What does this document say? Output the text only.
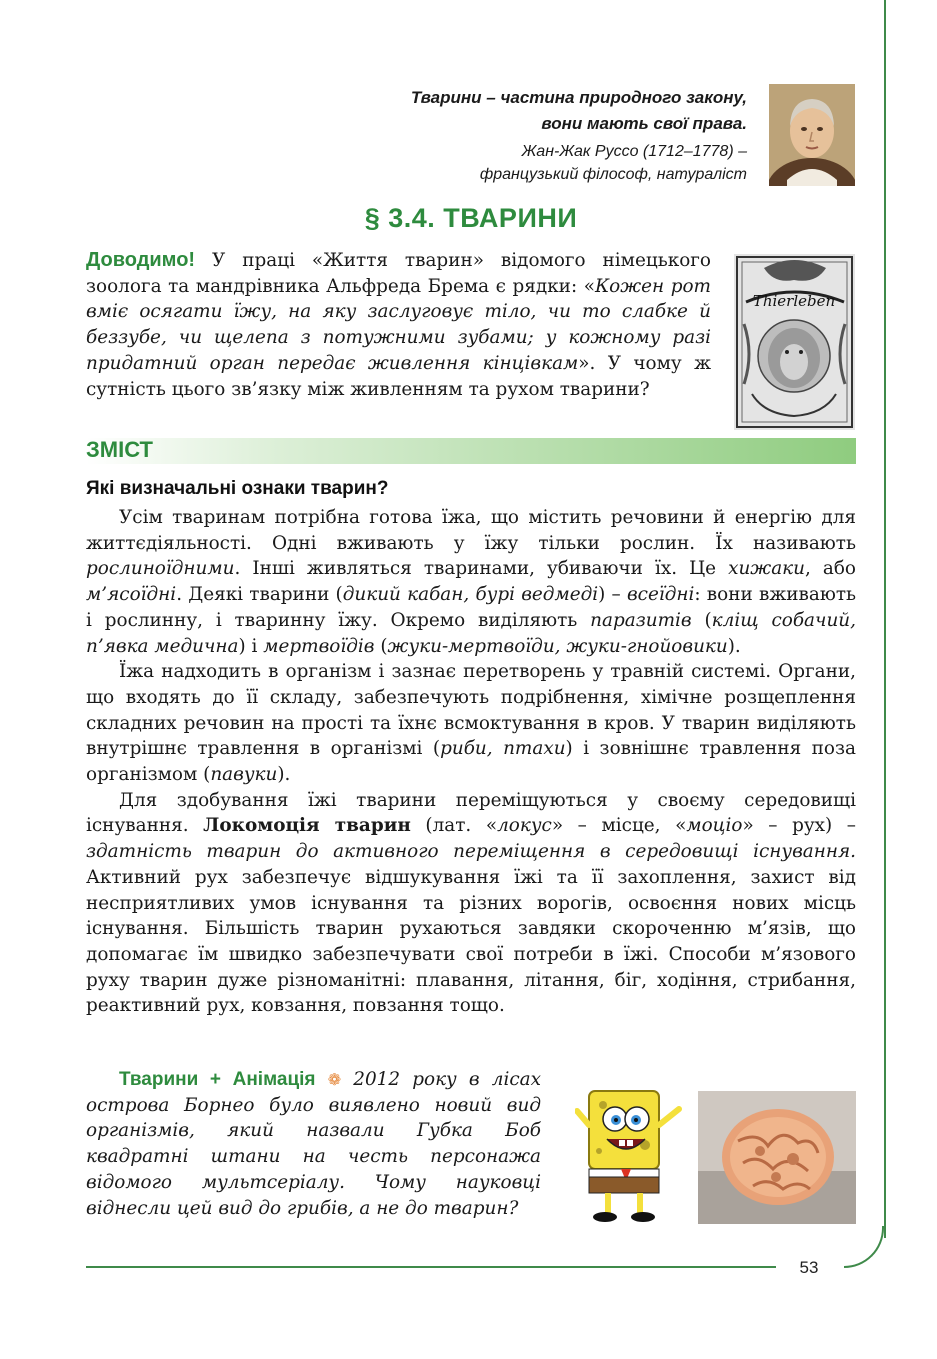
53
Тварини – частина природного закону,
вони мають свої права.
Жан-Жак Руссо (1712–1778) –
французький філософ, натураліст
§ 3.4. ТВАРИНИ
Доводимо! У праці «Життя тварин» відомого німецького зоолога та мандрівника Альфреда Брема є рядки: «Кожен рот вміє осягати їжу, на яку заслуговує тіло, чи то слабке й беззубе, чи щелепа з потужними зубами; у кожному разі придатний орган передає живлення кінцівкам». У чому ж сутність цього зв’язку між живленням та рухом тварини?
Thierleben
ЗМІСТ
Які визначальні ознаки тварин?

Усім тваринам потрібна готова їжа, що містить речовини й енергію для життєдіяльності. Одні вживають у їжу тільки рослин. Їх називають рослиноїдними. Інші живляться тваринами, убиваючи їх. Це хижаки, або м’ясоїдні. Деякі тварини (дикий кабан, бурі ведмеді) – всеїдні: вони вживають і рослинну, і тваринну їжу. Окремо виділяють паразитів (кліщ собачий, п’явка медична) і мертвоїдів (жуки-мертвоїди, жуки-гнойовики).

Їжа надходить в організм і зазнає перетворень у травній системі. Органи, що входять до її складу, забезпечують подрібнення, хімічне розщеплення складних речовин на прості та їхнє всмоктування в кров. У тварин виділяють внутрішнє травлення в організмі (риби, птахи) і зовнішнє травлення поза організмом (павуки).

Для здобування їжі тварини переміщуються у своєму середовищі існування. Локомоція тварин (лат. «локус» – місце, «моціо» – рух) – здатність тварин до активного переміщення в середовищі існування. Активний рух забезпечує відшукування їжі та її захоплення, захист від несприятливих умов існування та різних ворогів, освоєння нових місць існування. Більшість тварин рухаються завдяки скороченню м’язів, що допомагає їм швидко забезпечувати свої потреби в їжі. Способи м’язового руху тварин дуже різноманітні: плавання, літання, біг, ходіння, стрибання, реактивний рух, ковзання, повзання тощо.

Тварини + Анімація ❁ 2012 року в лісах острова Борнео було виявлено новий вид організмів, який назвали Губка Боб квадратні штани на честь персонажа відомого мультсеріалу. Чому науковці віднесли цей вид до грибів, а не до тварин?
